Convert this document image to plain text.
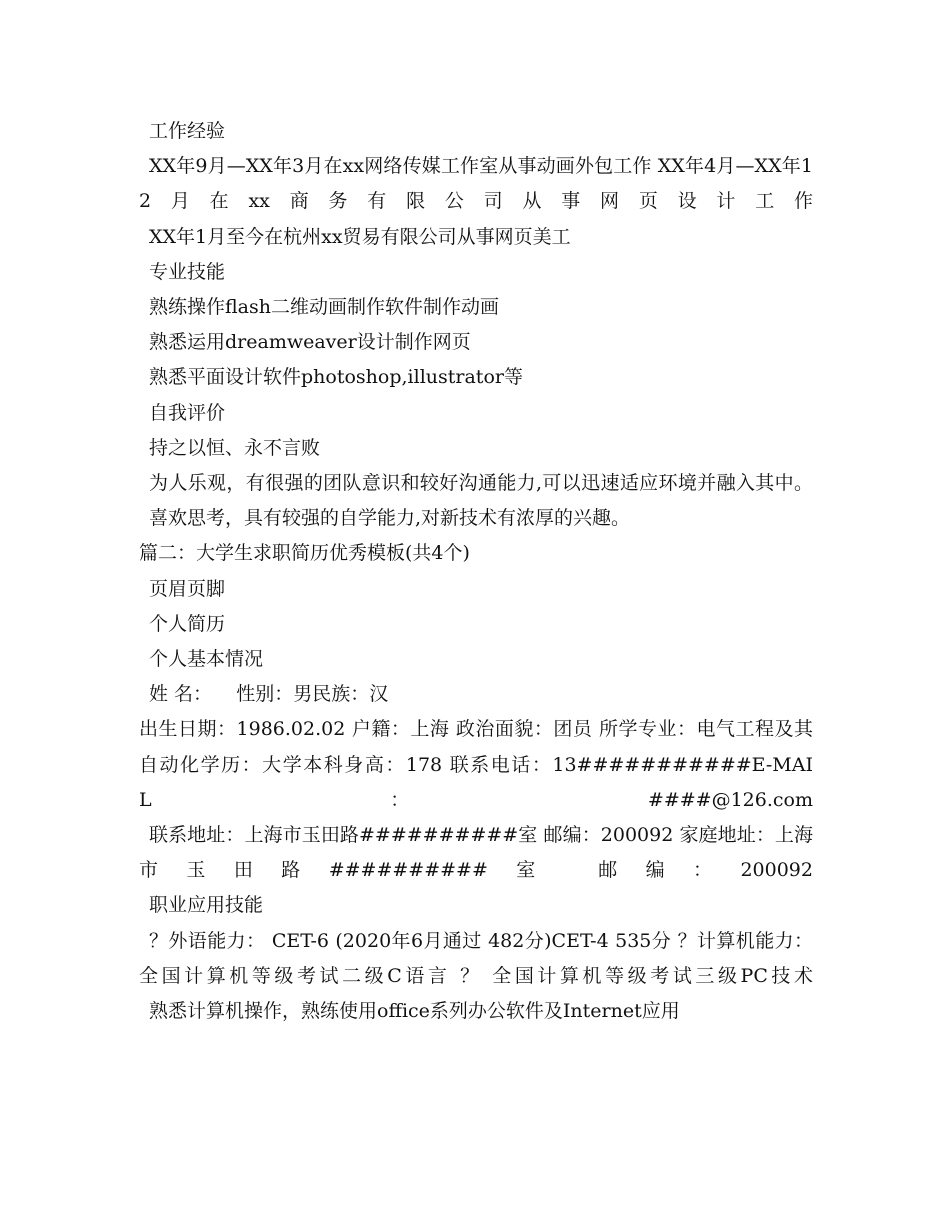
工作经验

XX年9月—XX年3月在xx网络传媒工作室从事动画外包工作 XX年4月—XX年12月在xx商务有限公司从事网页设计工作

XX年1月至今在杭州xx贸易有限公司从事网页美工

专业技能

熟练操作flash二维动画制作软件制作动画

熟悉运用dreamweaver设计制作网页

熟悉平面设计软件photoshop,illustrator等

自我评价

持之以恒、永不言败

为人乐观，有很强的团队意识和较好沟通能力,可以迅速适应环境并融入其中。

喜欢思考，具有较强的自学能力,对新技术有浓厚的兴趣。

篇二：大学生求职简历优秀模板(共4个)

页眉页脚

个人简历

个人基本情况

姓 名：    性别：男民族：汉

出生日期：1986.02.02 户籍：上海 政治面貌：团员 所学专业：电气工程及其自动化学历：大学本科身高：178 联系电话：13###########E-MAIL：####@126.com

联系地址：上海市玉田路##########室 邮编：200092 家庭地址：上海市玉田路##########室 邮编：200092

职业应用技能

？外语能力： CET-6 (2020年6月通过 482分)CET-4 535分 ？计算机能力：全国计算机等级考试二级C语言 ？ 全国计算机等级考试三级PC技术

熟悉计算机操作，熟练使用office系列办公软件及Internet应用
